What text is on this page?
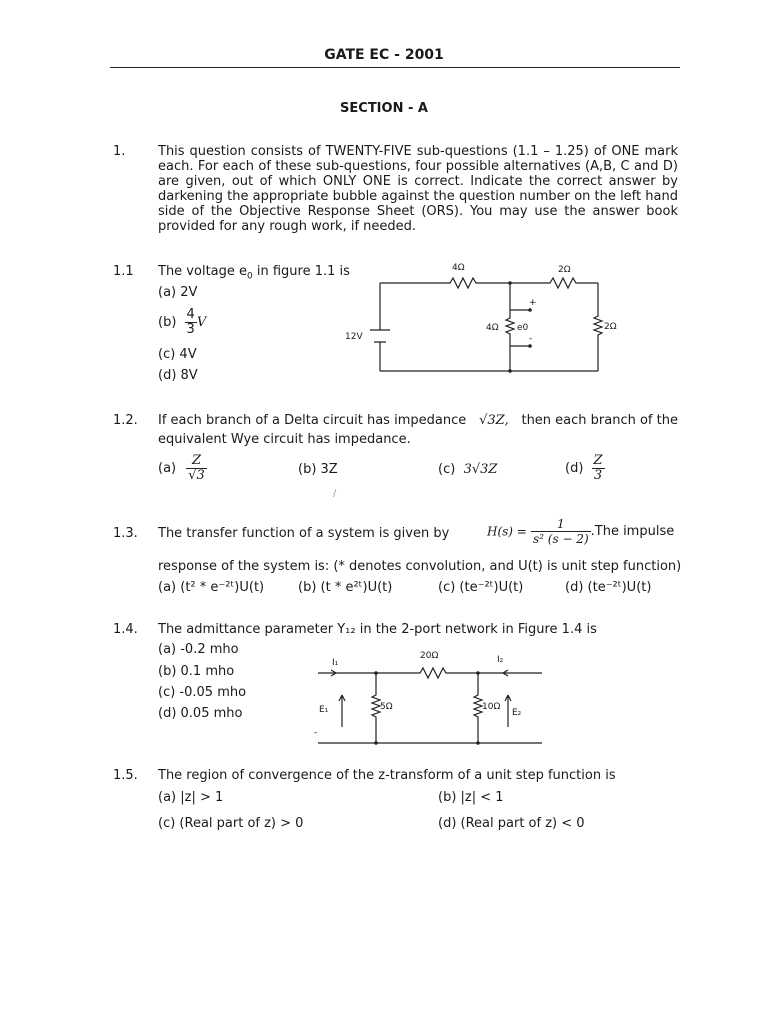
GATE EC - 2001
SECTION - A
1.	This question consists of TWENTY-FIVE sub-questions (1.1 – 1.25) of ONE mark each. For each of these sub-questions, four possible alternatives (A,B, C and D) are given, out of which ONLY ONE is correct. Indicate the correct answer by darkening the appropriate bubble against the question number on the left hand side of the Objective Response Sheet (ORS). You may use the answer book provided for any rough work, if needed.
1.1 The voltage $e_0$ in figure 1.1 is
(a) 2V
$(b) \frac{4}{3}$ V
(c) 4V
(d) 8V
4Ω	2Ω
4Ω e0
+
-
2Ω
12V
1.2. If each branch of a Delta circuit has impedance √3Z, then each branch of the
equivalent Wye circuit has impedance.
$(a) \frac{Z}{√3}$	(b) 3Z	(c) 3√3Z	$(d) \frac{Z}{3}$
/
1.3. The transfer function of a system is given by	$H(s) = \frac{1}{\text{s² (s − 2)}} .The$ impulse
response of the system is: (* denotes convolution, and U(t) is unit step function)
(a) (t² * e⁻²ᵗ)U(t)	(b) (t * e²ᵗ)U(t)	(c) (te⁻²ᵗ)U(t)	(d) (te⁻²ᵗ)U(t)
1.4. The admittance parameter Y₁₂ in the 2-port network in Figure 1.4 is
(a) -0.2 mho
(b) 0.1 mho
(c) -0.05 mho
(d) 0.05 mho
I₁
20Ω	I₂
5Ω	10Ω
E₁	E₂
-
1.5. The region of convergence of the z-transform of a unit step function is
(a) |z| > 1	(b) |z| < 1
(c) (Real part of z) > 0	(d) (Real part of z) < 0
